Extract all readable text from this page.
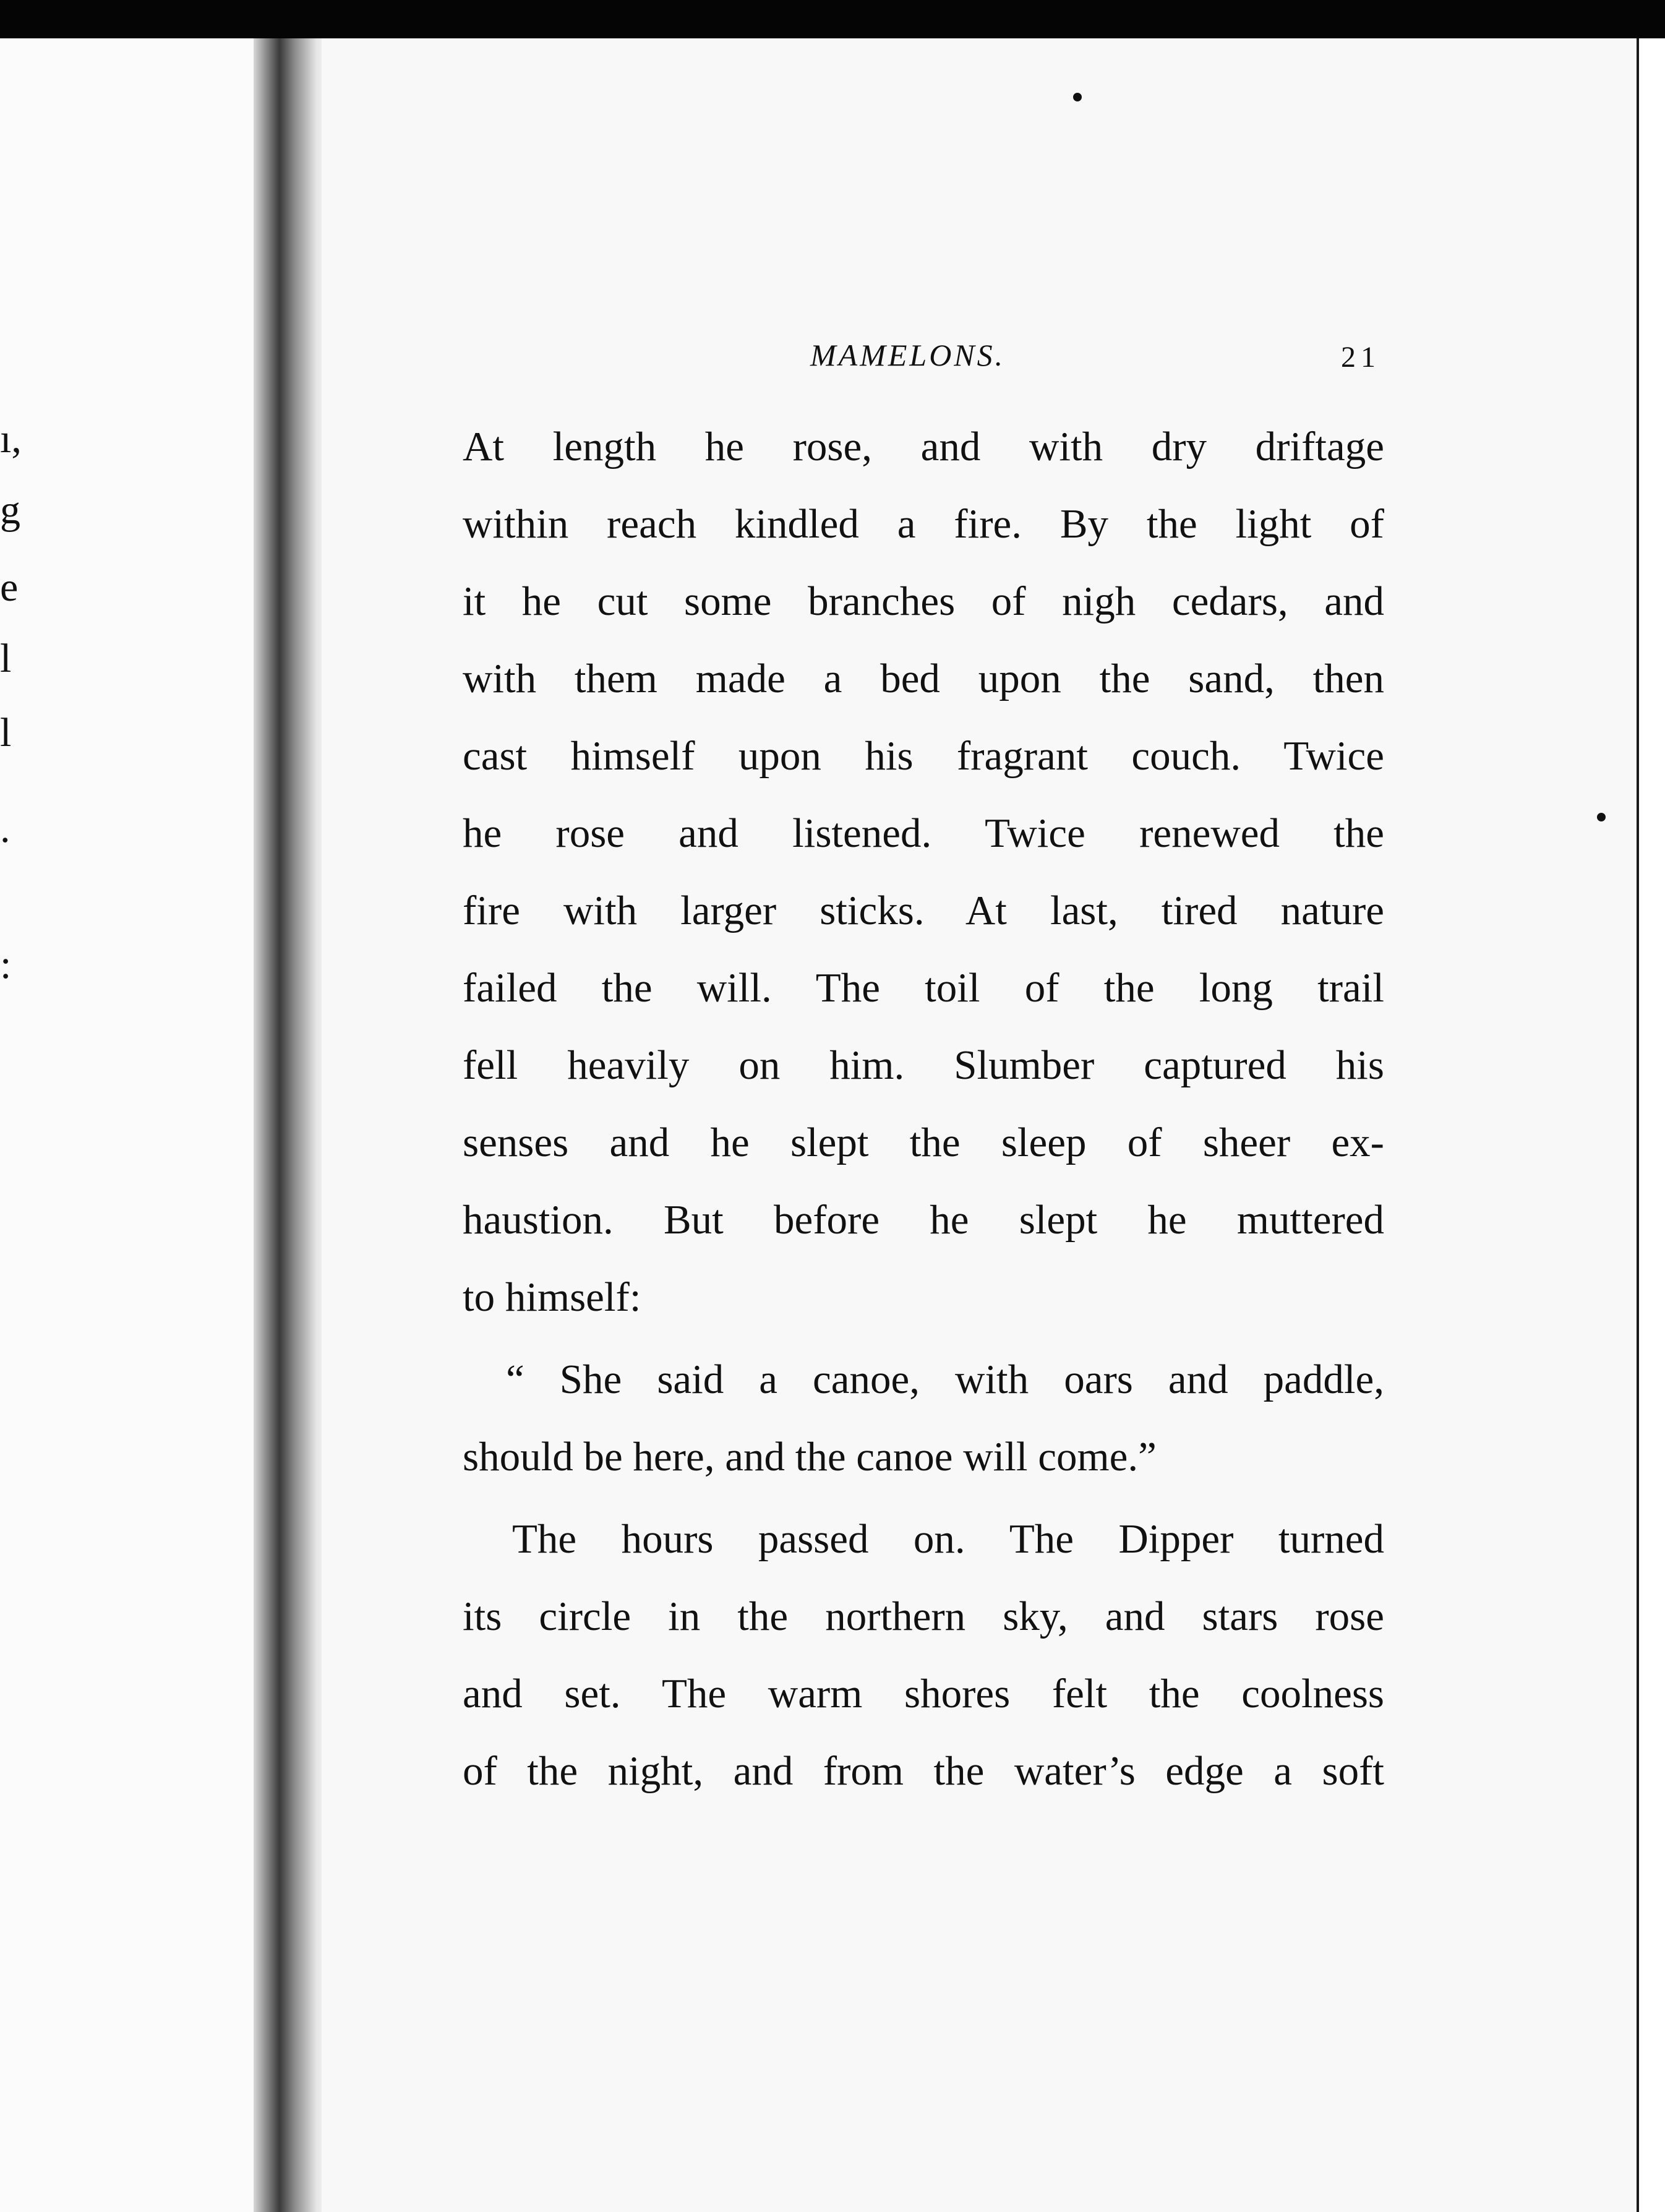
ı,
g
e
l
l
.
:
MAMELONS.	21
At length he rose, and with dry driftage
within reach kindled a fire. By the light of
it he cut some branches of nigh cedars, and
with them made a bed upon the sand, then
cast himself upon his fragrant couch. Twice
he rose and listened. Twice renewed the
fire with larger sticks. At last, tired nature
failed the will. The toil of the long trail
fell heavily on him. Slumber captured his
senses and he slept the sleep of sheer ex-
haustion. But before he slept he muttered
to himself:
“ She said a canoe, with oars and paddle,
should be here, and the canoe will come.”
The hours passed on. The Dipper turned
its circle in the northern sky, and stars rose
and set. The warm shores felt the coolness
of the night, and from the water’s edge a soft
